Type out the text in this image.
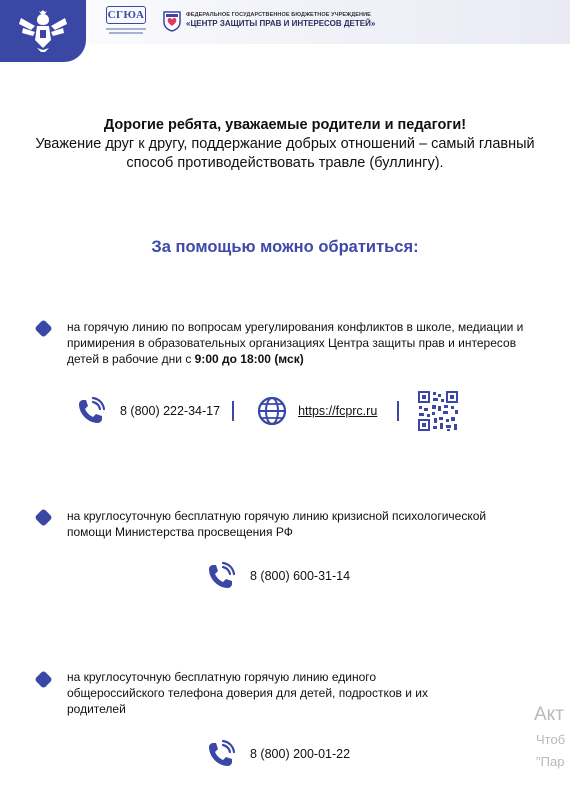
СГЮА	ФЕДЕРАЛЬНОЕ ГОСУДАРСТВЕННОЕ БЮДЖЕТНОЕ УЧРЕЖДЕНИЕ
«ЦЕНТР ЗАЩИТЫ ПРАВ И ИНТЕРЕСОВ ДЕТЕЙ»
Дорогие ребята, уважаемые родители и педагоги!
Уважение друг к другу, поддержание добрых отношений – самый главный способ противодействовать травле (буллингу).
За помощью можно обратиться:
на горячую линию по вопросам урегулирования конфликтов в школе, медиации и примирения в образовательных организациях Центра защиты прав и интересов детей в рабочие дни с 9:00 до 18:00 (мск)
8 (800) 222-34-17	https://fcprc.ru
на круглосуточную бесплатную горячую линию кризисной психологической помощи Министерства просвещения РФ
8 (800) 600-31-14
на круглосуточную бесплатную горячую линию единого общероссийского телефона доверия для детей, подростков и их родителей
8 (800) 200-01-22
Акт
Чтоб
"Пар
